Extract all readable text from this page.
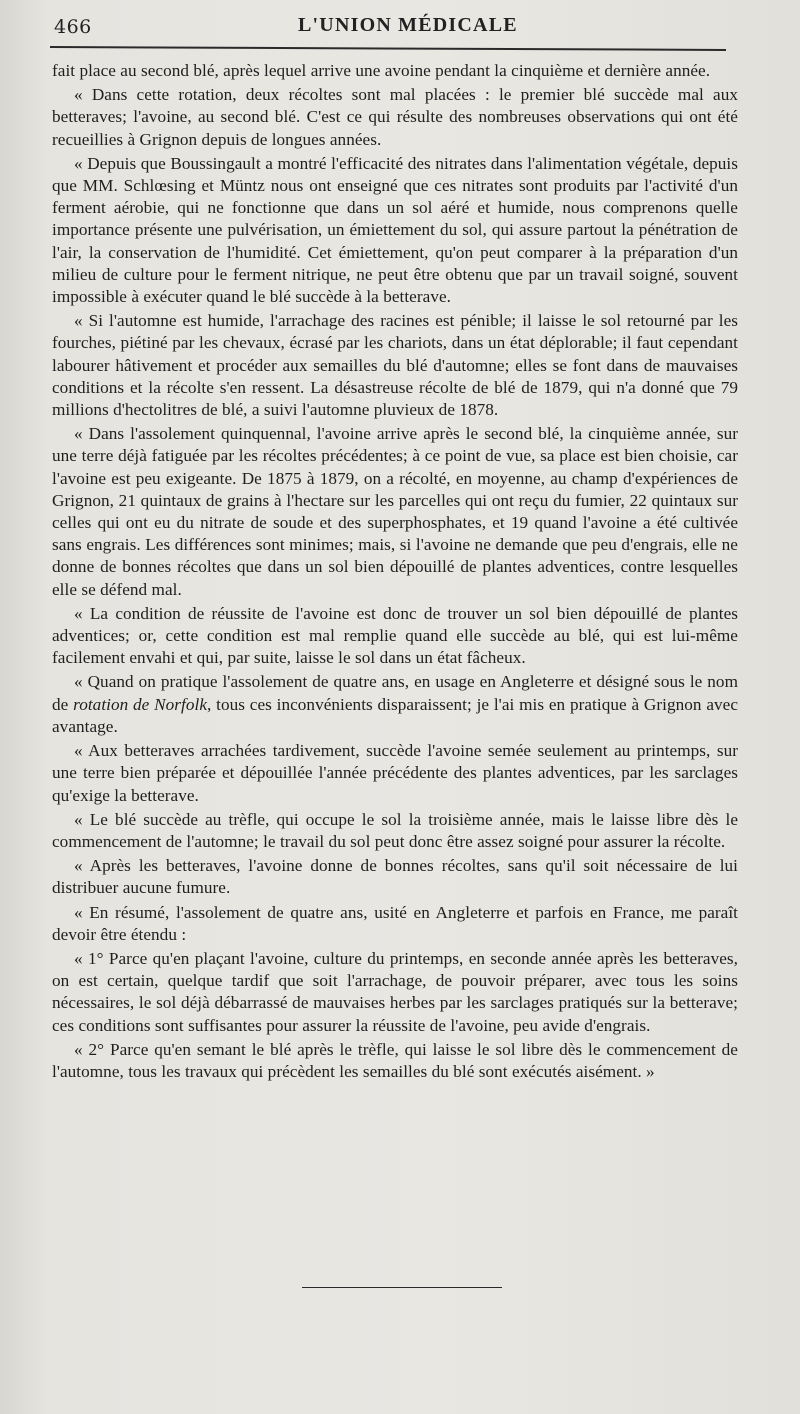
466	L'UNION MÉDICALE

fait place au second blé, après lequel arrive une avoine pendant la cinquième et dernière année.

« Dans cette rotation, deux récoltes sont mal placées : le premier blé succède mal aux betteraves; l'avoine, au second blé. C'est ce qui résulte des nombreuses observations qui ont été recueillies à Grignon depuis de longues années.

« Depuis que Boussingault a montré l'efficacité des nitrates dans l'alimentation végétale, depuis que MM. Schlœsing et Müntz nous ont enseigné que ces nitrates sont produits par l'activité d'un ferment aérobie, qui ne fonctionne que dans un sol aéré et humide, nous comprenons quelle importance présente une pulvérisation, un émiettement du sol, qui assure partout la pénétration de l'air, la conservation de l'humidité. Cet émiettement, qu'on peut comparer à la préparation d'un milieu de culture pour le ferment nitrique, ne peut être obtenu que par un travail soigné, souvent impossible à exécuter quand le blé succède à la betterave.

« Si l'automne est humide, l'arrachage des racines est pénible; il laisse le sol retourné par les fourches, piétiné par les chevaux, écrasé par les chariots, dans un état déplorable; il faut cependant labourer hâtivement et procéder aux semailles du blé d'automne; elles se font dans de mauvaises conditions et la récolte s'en ressent. La désastreuse récolte de blé de 1879, qui n'a donné que 79 millions d'hectolitres de blé, a suivi l'automne pluvieux de 1878.

« Dans l'assolement quinquennal, l'avoine arrive après le second blé, la cinquième année, sur une terre déjà fatiguée par les récoltes précédentes; à ce point de vue, sa place est bien choisie, car l'avoine est peu exigeante. De 1875 à 1879, on a récolté, en moyenne, au champ d'expériences de Grignon, 21 quintaux de grains à l'hectare sur les parcelles qui ont reçu du fumier, 22 quintaux sur celles qui ont eu du nitrate de soude et des superphosphates, et 19 quand l'avoine a été cultivée sans engrais. Les différences sont minimes; mais, si l'avoine ne demande que peu d'engrais, elle ne donne de bonnes récoltes que dans un sol bien dépouillé de plantes adventices, contre lesquelles elle se défend mal.

« La condition de réussite de l'avoine est donc de trouver un sol bien dépouillé de plantes adventices; or, cette condition est mal remplie quand elle succède au blé, qui est lui-même facilement envahi et qui, par suite, laisse le sol dans un état fâcheux.

« Quand on pratique l'assolement de quatre ans, en usage en Angleterre et désigné sous le nom de rotation de Norfolk, tous ces inconvénients disparaissent; je l'ai mis en pratique à Grignon avec avantage.

« Aux betteraves arrachées tardivement, succède l'avoine semée seulement au printemps, sur une terre bien préparée et dépouillée l'année précédente des plantes adventices, par les sarclages qu'exige la betterave.

« Le blé succède au trèfle, qui occupe le sol la troisième année, mais le laisse libre dès le commencement de l'automne; le travail du sol peut donc être assez soigné pour assurer la récolte.

« Après les betteraves, l'avoine donne de bonnes récoltes, sans qu'il soit nécessaire de lui distribuer aucune fumure.

« En résumé, l'assolement de quatre ans, usité en Angleterre et parfois en France, me paraît devoir être étendu :

« 1° Parce qu'en plaçant l'avoine, culture du printemps, en seconde année après les betteraves, on est certain, quelque tardif que soit l'arrachage, de pouvoir préparer, avec tous les soins nécessaires, le sol déjà débarrassé de mauvaises herbes par les sarclages pratiqués sur la betterave; ces conditions sont suffisantes pour assurer la réussite de l'avoine, peu avide d'engrais.

« 2° Parce qu'en semant le blé après le trèfle, qui laisse le sol libre dès le commencement de l'automne, tous les travaux qui précèdent les semailles du blé sont exécutés aisément. »
